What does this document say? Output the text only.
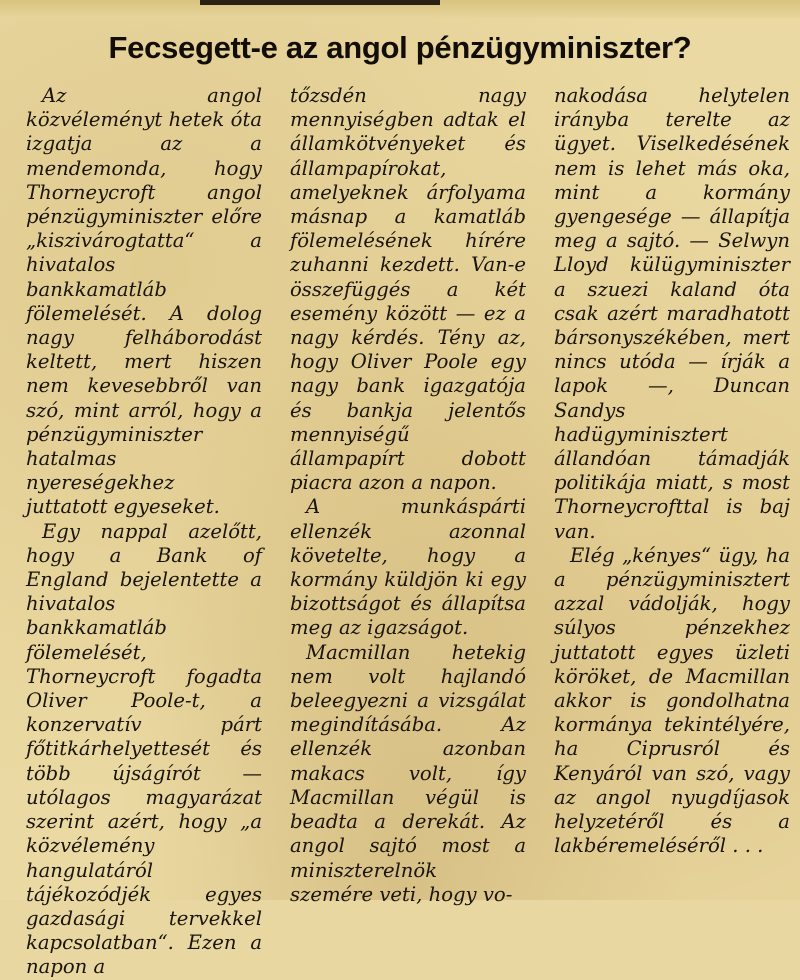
Fecsegett-e az angol pénzügyminiszter?

Az angol közvéleményt hetek óta izgatja az a mendemonda, hogy Thorneycroft angol pénzügyminiszter előre „kiszivárogtatta“ a hivatalos bankkamatláb fölemelését. A dolog nagy felháborodást keltett, mert hiszen nem kevesebbről van szó, mint arról, hogy a pénzügyminiszter hatalmas nyereségekhez juttatott egyeseket.

Egy nappal azelőtt, hogy a Bank of England bejelentette a hivatalos bankkamatláb fölemelését, Thorneycroft fogadta Oliver Poole-t, a konzervatív párt főtitkárhelyettesét és több újságírót — utólagos magyarázat szerint azért, hogy „a közvélemény hangulatáról tájékozódjék egyes gazdasági tervekkel kapcsolatban“. Ezen a napon a

tőzsdén nagy mennyiségben adtak el államkötvényeket és állampapírokat, amelyeknek árfolyama másnap a kamatláb fölemelésének hírére zuhanni kezdett. Van-e összefüggés a két esemény között — ez a nagy kérdés. Tény az, hogy Oliver Poole egy nagy bank igazgatója és bankja jelentős mennyiségű állampapírt dobott piacra azon a napon.

A munkáspárti ellenzék azonnal követelte, hogy a kormány küldjön ki egy bizottságot és állapítsa meg az igazságot.

Macmillan hetekig nem volt hajlandó beleegyezni a vizsgálat megindításába. Az ellenzék azonban makacs volt, így Macmillan végül is beadta a derekát. Az angol sajtó most a miniszterelnök szemére veti, hogy vo-

nakodása helytelen irányba terelte az ügyet. Viselkedésének nem is lehet más oka, mint a kormány gyengesége — állapítja meg a sajtó. — Selwyn Lloyd külügyminiszter a szuezi kaland óta csak azért maradhatott bársonyszékében, mert nincs utóda — írják a lapok —, Duncan Sandys hadügyminisztert állandóan támadják politikája miatt, s most Thorneycrofttal is baj van.

Elég „kényes“ ügy, ha a pénzügyminisztert azzal vádolják, hogy súlyos pénzekhez juttatott egyes üzleti köröket, de Macmillan akkor is gondolhatna kormánya tekintélyére, ha Ciprusról és Kenyáról van szó, vagy az angol nyugdíjasok helyzetéről és a lakbéremeléséről . . .
